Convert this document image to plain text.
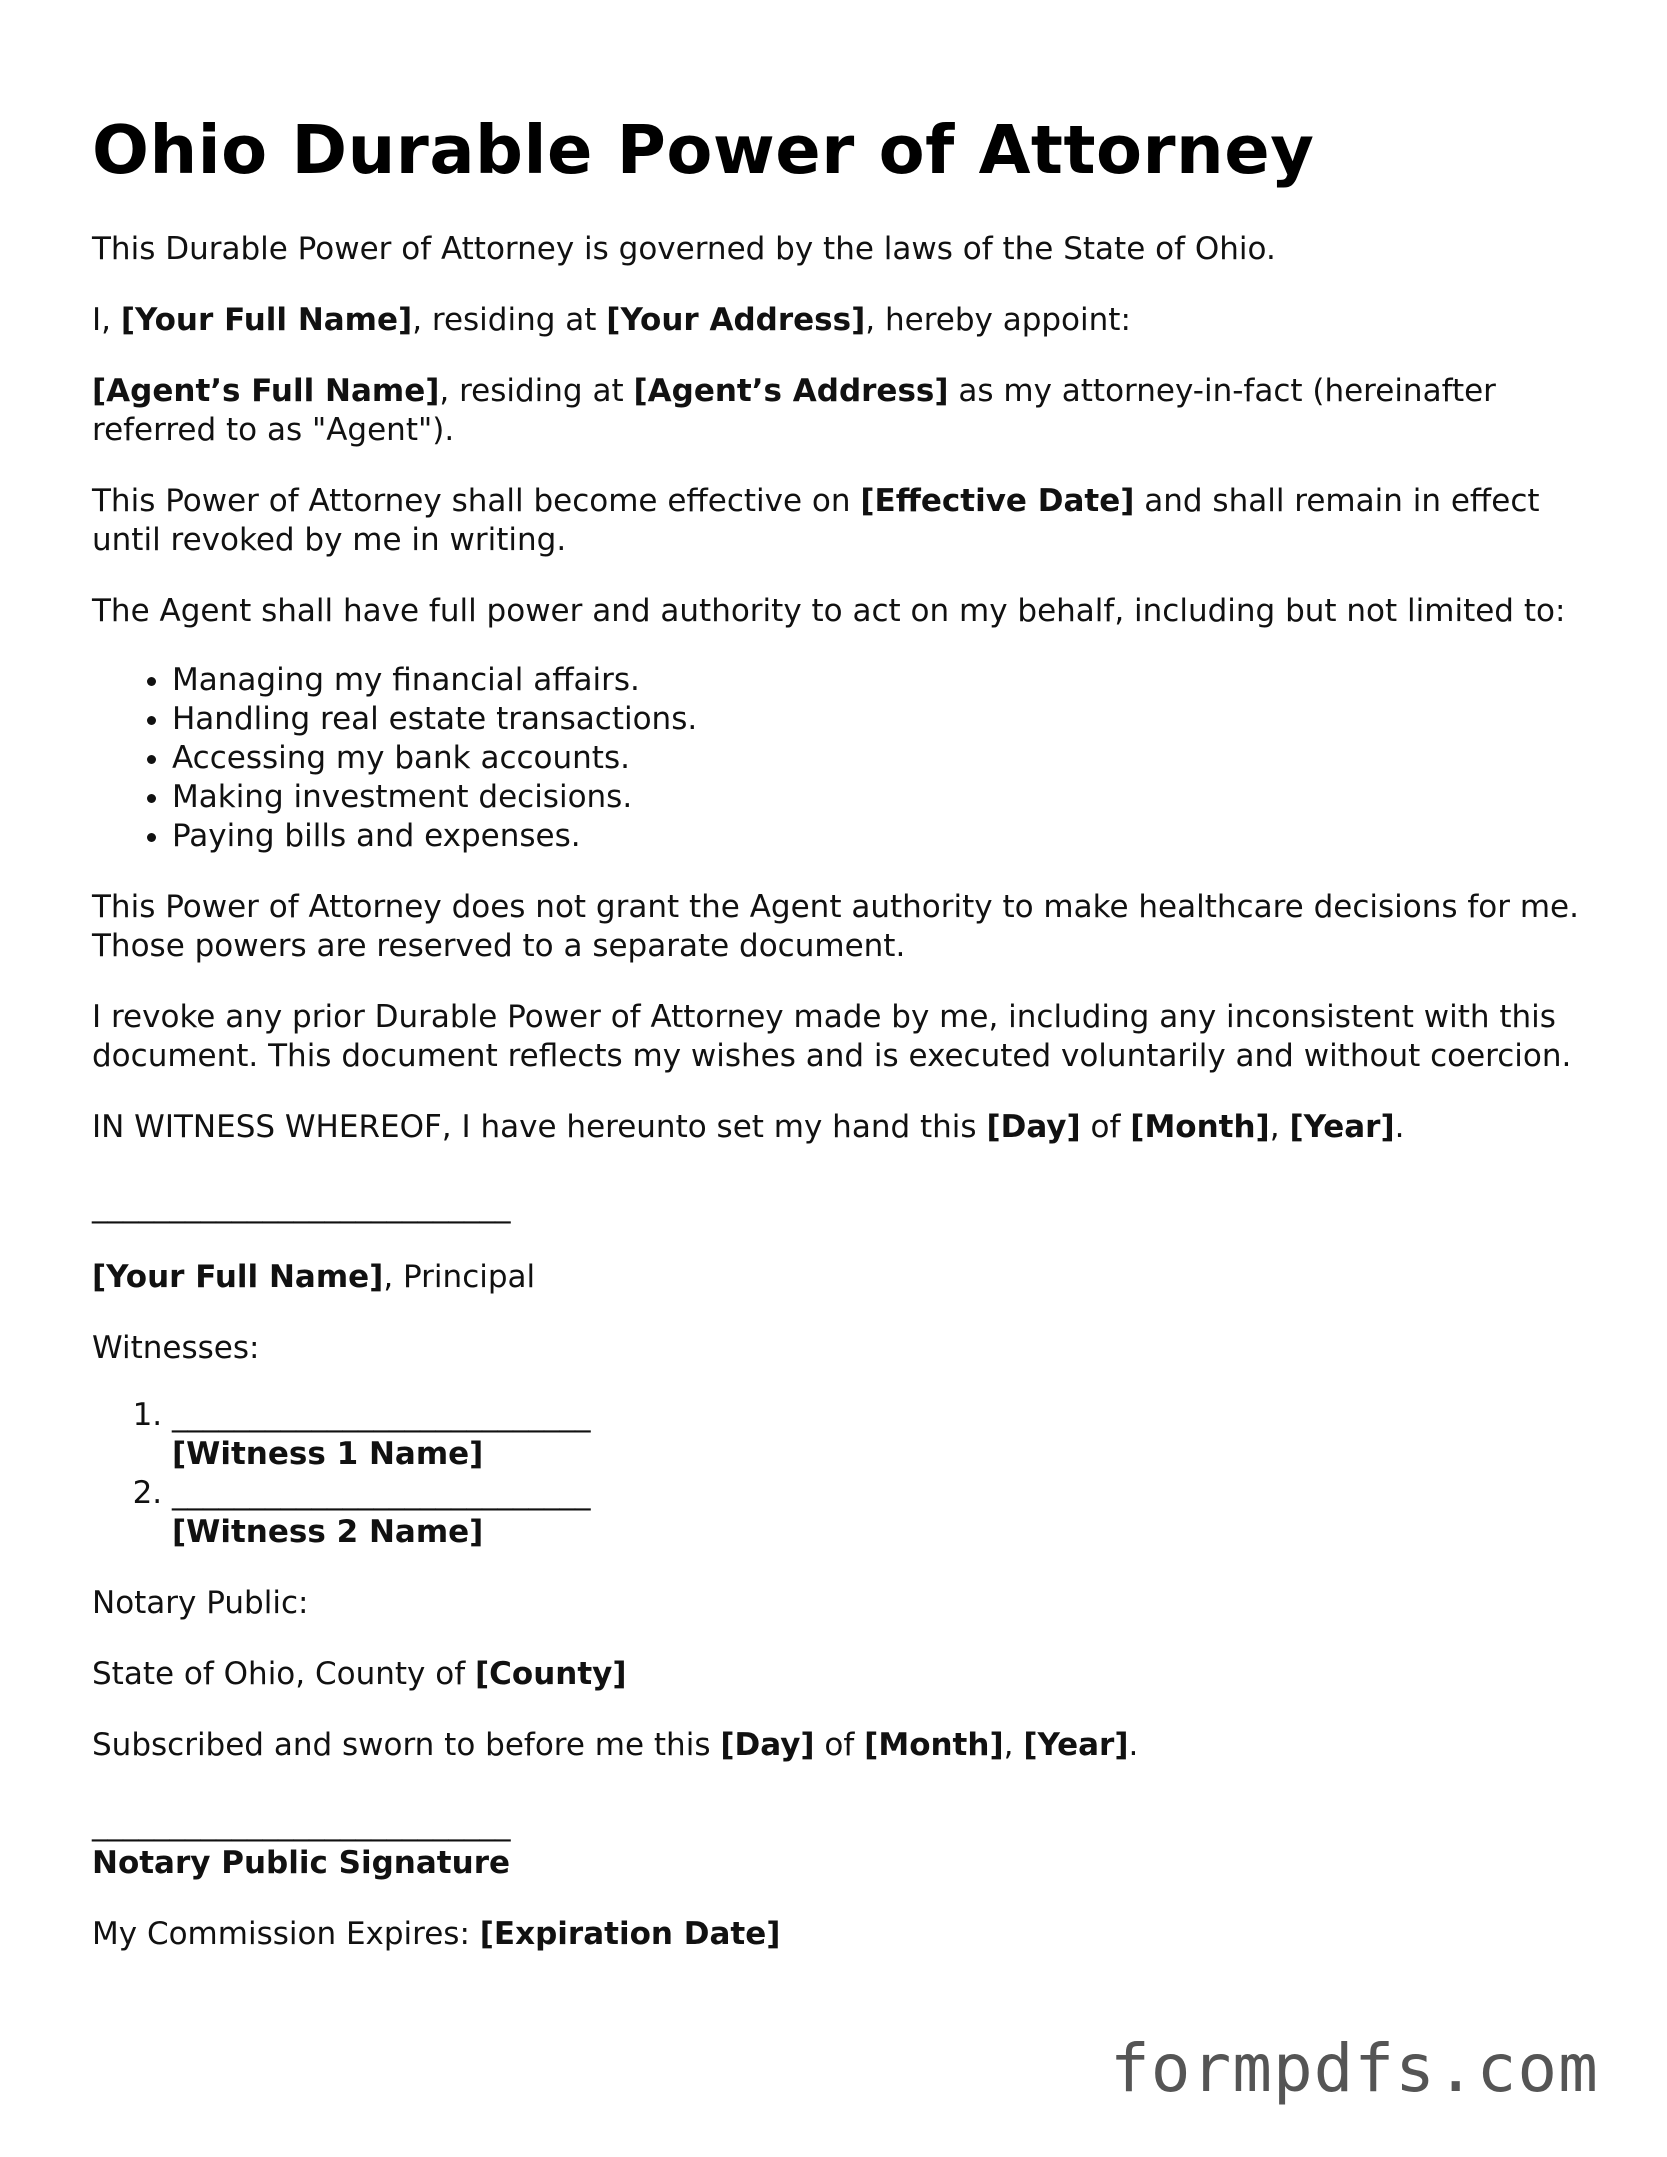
Ohio Durable Power of Attorney

This Durable Power of Attorney is governed by the laws of the State of Ohio.

I, [Your Full Name], residing at [Your Address], hereby appoint:

[Agent’s Full Name], residing at [Agent’s Address] as my attorney-in-fact (hereinafter referred to as "Agent").

This Power of Attorney shall become effective on [Effective Date] and shall remain in effect until revoked by me in writing.

The Agent shall have full power and authority to act on my behalf, including but not limited to:

• Managing my financial affairs.
• Handling real estate transactions.
• Accessing my bank accounts.
• Making investment decisions.
• Paying bills and expenses.

This Power of Attorney does not grant the Agent authority to make healthcare decisions for me. Those powers are reserved to a separate document.

I revoke any prior Durable Power of Attorney made by me, including any inconsistent with this document. This document reflects my wishes and is executed voluntarily and without coercion.

IN WITNESS WHEREOF, I have hereunto set my hand this [Day] of [Month], [Year].

___________________________

[Your Full Name], Principal

Witnesses:

1. ___________________________
[Witness 1 Name]
2. ___________________________
[Witness 2 Name]

Notary Public:

State of Ohio, County of [County]

Subscribed and sworn to before me this [Day] of [Month], [Year].

___________________________

Notary Public Signature

My Commission Expires: [Expiration Date]

formpdfs.com
